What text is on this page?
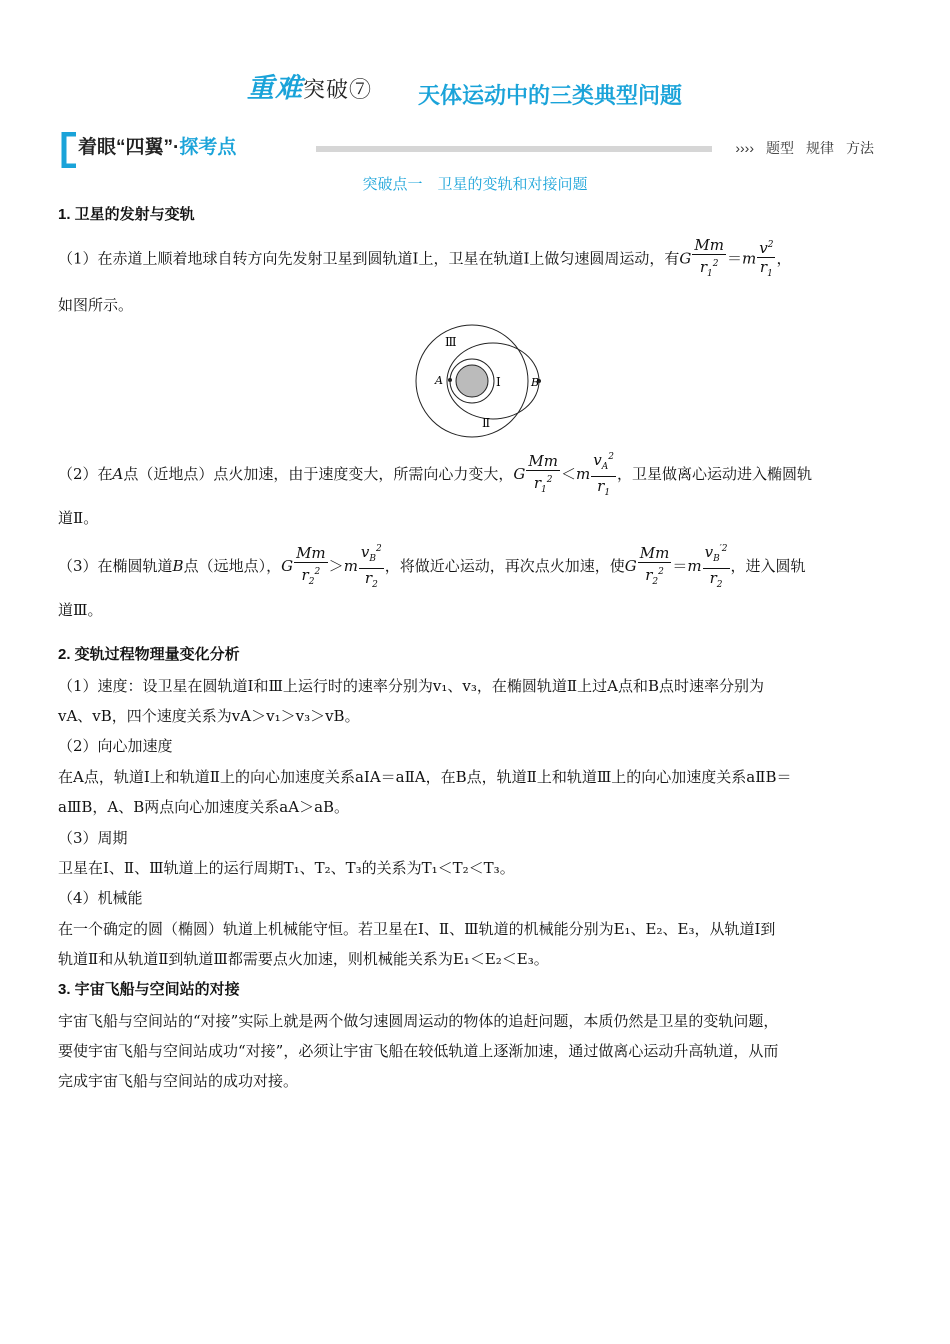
重难突破⑦ 天体运动中的三类典型问题
着眼“四翼”·探考点	›››› 题型 规律 方法
突破点一　卫星的变轨和对接问题
1. 卫星的发射与变轨
（1）在赤道上顺着地球自转方向先发射卫星到圆轨道Ⅰ上，卫星在轨道Ⅰ上做匀速圆周运动，有G $\frac{Mm}{r_1^2} =m \frac{v^2}{r_1}$ ，
如图所示。
Ⅲ
Ⅰ
Ⅱ
A	B
（2）在A点（近地点）点火加速，由于速度变大，所需向心力变大，G $\frac{Mm}{r_1^2} <m \frac{v_A^2}{r_1}$ ，卫星做离心运动进入椭圆轨
道Ⅱ。
（3）在椭圆轨道B点（远地点），G $\frac{Mm}{r_2^2} >m \frac{v_B^2}{r_2}$ ，将做近心运动，再次点火加速，使G $\frac{Mm}{r_2^2} =m \frac{v_B^{'2}}{r_2}$ ，进入圆轨
道Ⅲ。
2. 变轨过程物理量变化分析
（1）速度：设卫星在圆轨道Ⅰ和Ⅲ上运行时的速率分别为v₁、v₃，在椭圆轨道Ⅱ上过A点和B点时速率分别为
vA、vB，四个速度关系为vA＞v₁＞v₃＞vB。
（2）向心加速度
在A点，轨道Ⅰ上和轨道Ⅱ上的向心加速度关系aⅠA＝aⅡA，在B点，轨道Ⅱ上和轨道Ⅲ上的向心加速度关系aⅡB＝
aⅢB，A、B两点向心加速度关系aA＞aB。
（3）周期
卫星在Ⅰ、Ⅱ、Ⅲ轨道上的运行周期T₁、T₂、T₃的关系为T₁＜T₂＜T₃。
（4）机械能
在一个确定的圆（椭圆）轨道上机械能守恒。若卫星在Ⅰ、Ⅱ、Ⅲ轨道的机械能分别为E₁、E₂、E₃，从轨道Ⅰ到
轨道Ⅱ和从轨道Ⅱ到轨道Ⅲ都需要点火加速，则机械能关系为E₁＜E₂＜E₃。
3. 宇宙飞船与空间站的对接
宇宙飞船与空间站的“对接”实际上就是两个做匀速圆周运动的物体的追赶问题，本质仍然是卫星的变轨问题，
要使宇宙飞船与空间站成功“对接”，必须让宇宙飞船在较低轨道上逐渐加速，通过做离心运动升高轨道，从而
完成宇宙飞船与空间站的成功对接。
